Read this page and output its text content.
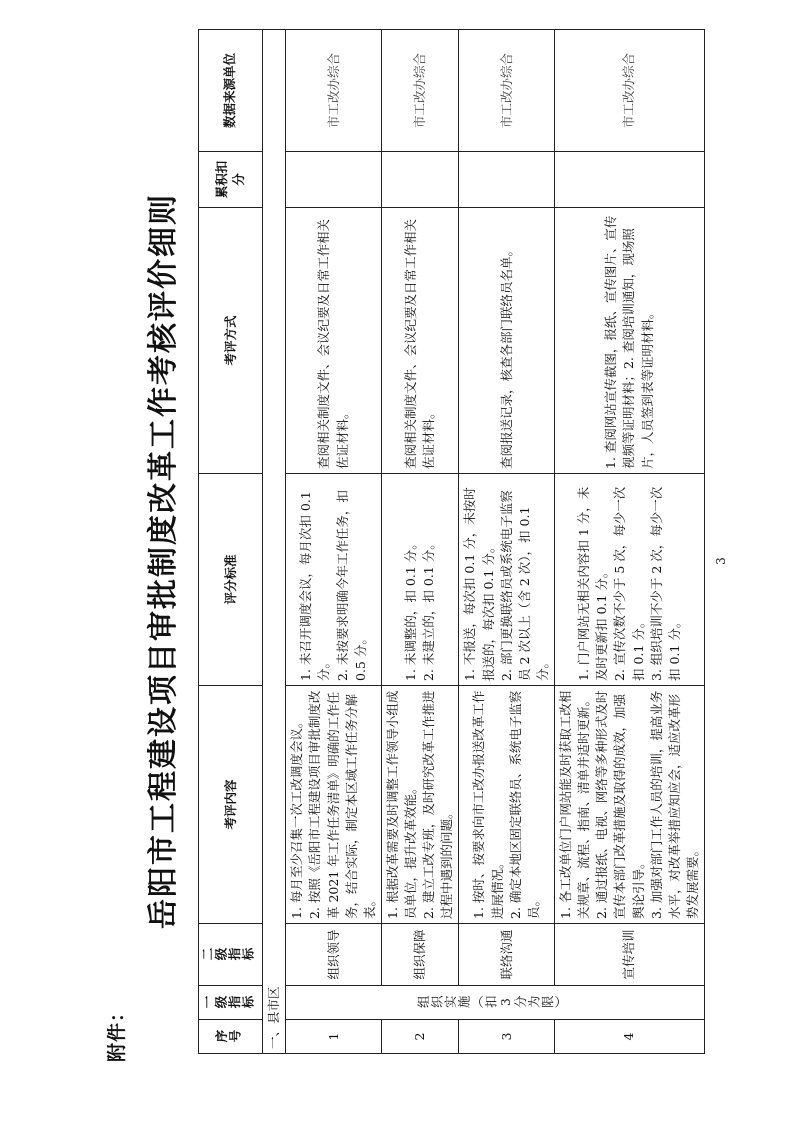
附件：
岳阳市工程建设项目审批制度改革工作考核评价细则
序号	一级指标	二级指标	考评内容	评分标准	考评方式	累积扣分	数据来源单位

一、县市区							
1	组织实施（扣3分为限）	组织领导	1. 每月至少召集一次工改调度会议。 2. 按照《岳阳市工程建设项目审批制度改革 2021 年工作任务清单》明确的工作任务，结合实际，制定本区域工作任务分解表。	1. 未召开调度会议，每月次扣 0.1 分。 2. 未按要求明确今年工作任务，扣 0.5 分。	查阅相关制度文件、会议纪要及日常工作相关佐证材料。		市工改办综合
2		组织保障	1. 根据改革需要及时调整工作领导小组成员单位，提升改革效能。 2. 建立工改专班，及时研究改革工作推进过程中遇到的问题。	1. 未调整的，扣 0.1 分。 2. 未建立的，扣 0.1 分。	查阅相关制度文件、会议纪要及日常工作相关佐证材料。		市工改办综合
3		联络沟通	1. 按时、按要求向市工改办报送改革工作进展情况。 2. 确定本地区固定联络员、系统电子监察员。	1. 不报送，每次扣 0.1 分，未按时报送的，每次扣 0.1 分。 2. 部门更换联络员或系统电子监察员 2 次以上（含 2 次），扣 0.1 分。	查阅报送记录，核查各部门联络员名单。		市工改办综合
4		宣传培训	1. 各工改单位门户网站能及时获取工改相关规章、流程、指南、清单并适时更新。 2. 通过报纸、电视、网络等多种形式及时宣传本部门改革措施及取得的成效，加强舆论引导。 3. 加强对部门工作人员的培训，提高业务水平，对改革举措应知应会，适应改革形势发展需要。	1. 门户网站无相关内容扣 1 分，未及时更新扣 0.1 分。 2. 宣传次数不少于 5 次，每少一次扣 0.1 分。 3. 组织培训不少于 2 次，每少一次扣 0.1 分。	1. 查阅网站宣传截图，报纸、宣传图片、宣传视频等证明材料；2. 查阅培训通知，现场照片，人员签到表等证明材料。		市工改办综合
3
